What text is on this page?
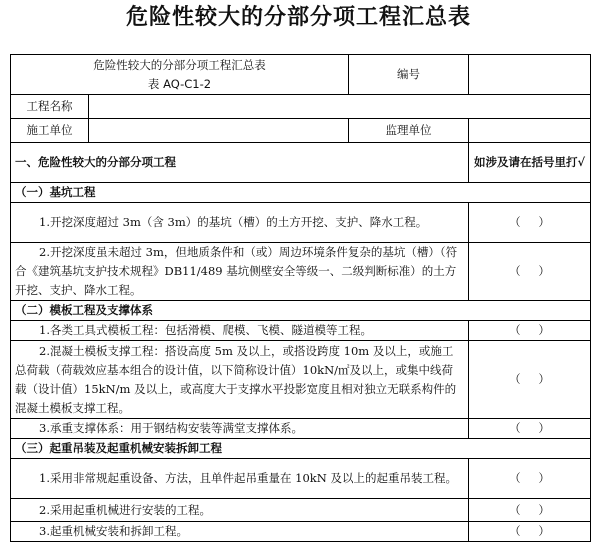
危险性较大的分部分项工程汇总表
危险性较大的分部分项工程汇总表
表 AQ-C1-2		编号	
工程名称			
施工单位		监理单位	
一、危险性较大的分部分项工程			如涉及请在括号里打√
（一）基坑工程			
1.开挖深度超过 3m（含 3m）的基坑（槽）的土方开挖、支护、降水工程。			（ ）
2.开挖深度虽未超过 3m，但地质条件和（或）周边环境条件复杂的基坑（槽）（符合《建筑基坑支护技术规程》DB11/489 基坑侧壁安全等级一、二级判断标准）的土方开挖、支护、降水工程。			（ ）
（二）模板工程及支撑体系			
1.各类工具式模板工程：包括滑模、爬模、飞模、隧道模等工程。			（ ）
2.混凝土模板支撑工程：搭设高度 5m 及以上，或搭设跨度 10m 及以上，或施工总荷载（荷载效应基本组合的设计值，以下简称设计值）10kN/㎡及以上，或集中线荷载（设计值）15kN/m 及以上，或高度大于支撑水平投影宽度且相对独立无联系构件的混凝土模板支撑工程。			（ ）
3.承重支撑体系：用于钢结构安装等满堂支撑体系。			（ ）
（三）起重吊装及起重机械安装拆卸工程			
1.采用非常规起重设备、方法，且单件起吊重量在 10kN 及以上的起重吊装工程。			（ ）
2.采用起重机械进行安装的工程。			（ ）
3.起重机械安装和拆卸工程。			（ ）
